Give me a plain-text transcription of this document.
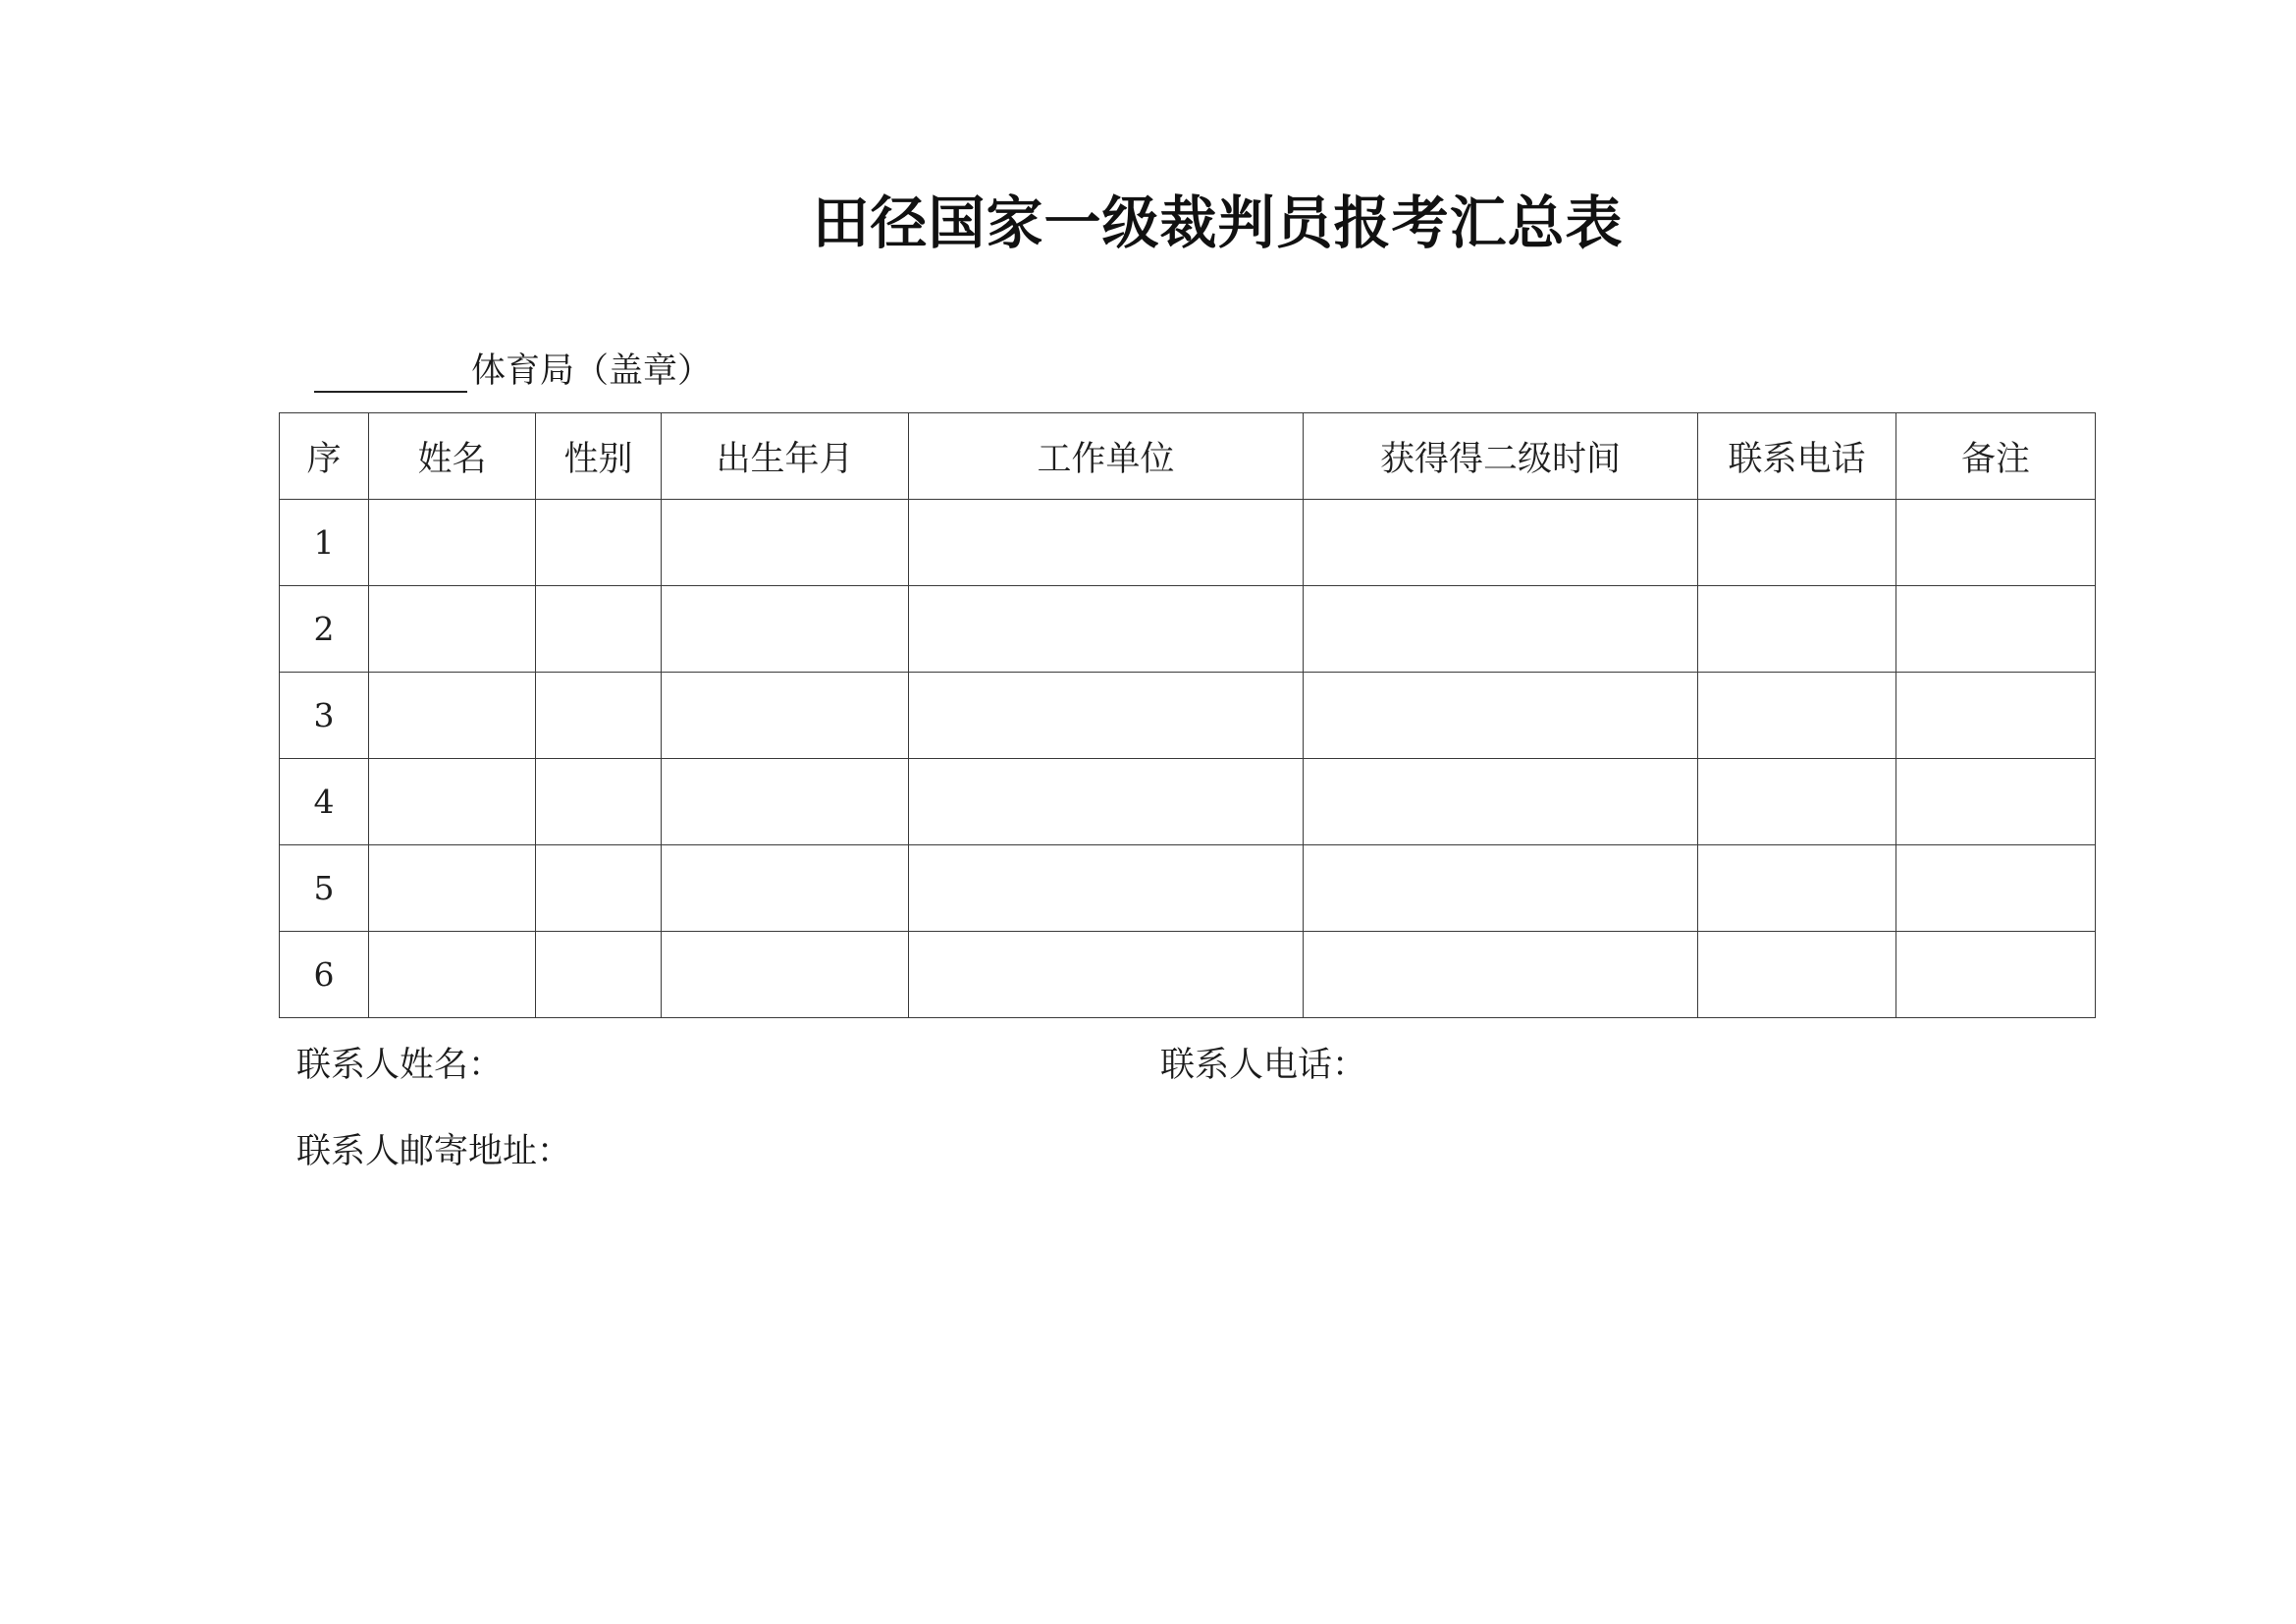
田径国家一级裁判员报考汇总表
体育局（盖章）
序	姓名	性别	出生年月	工作单位	获得得二级时间	联系电话	备注
1							
2							
3							
4							
5							
6							
联系人姓名：	联系人电话：
联系人邮寄地址：
